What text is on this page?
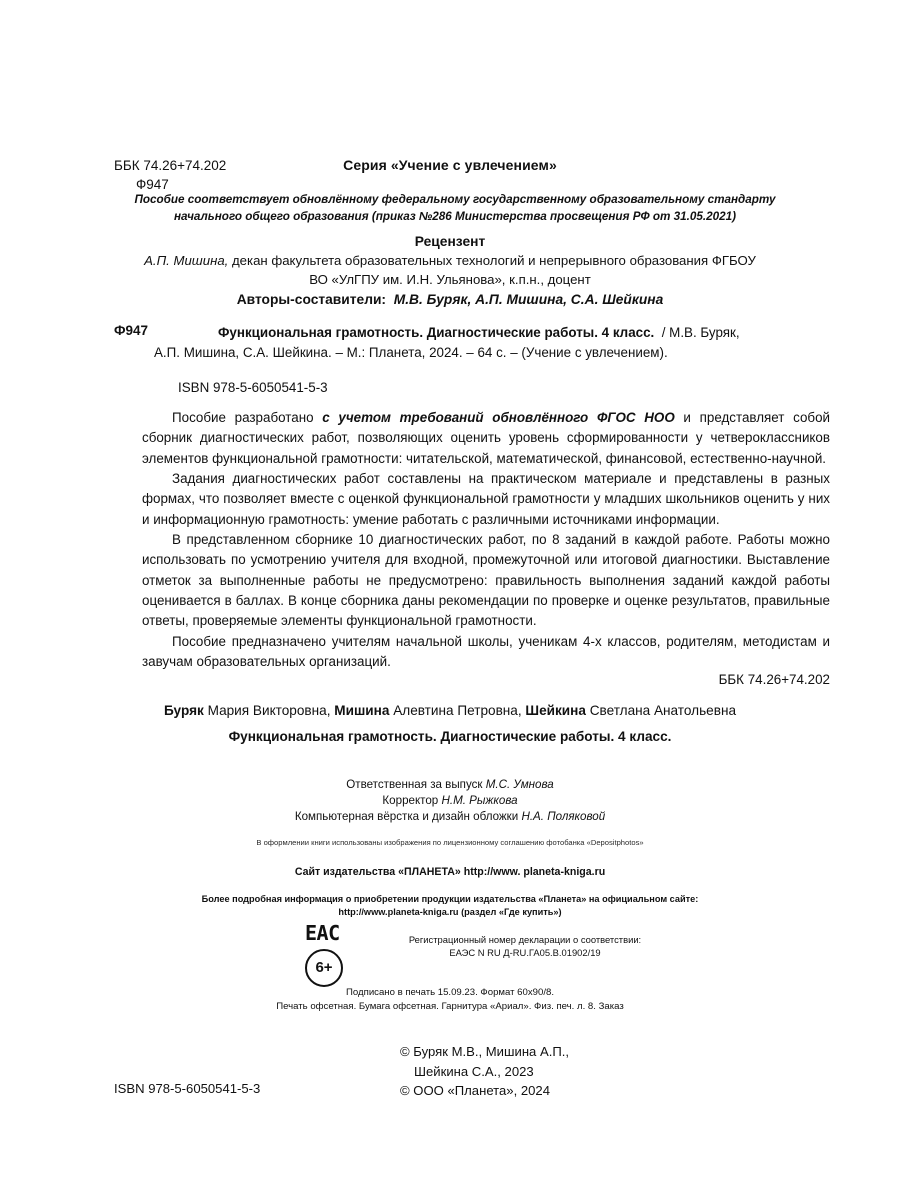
ББК 74.26+74.202
Ф947
Серия «Учение с увлечением»
Пособие соответствует обновлённому федеральному государственному образовательному стандарту начального общего образования (приказ №286 Министерства просвещения РФ от 31.05.2021)
Рецензент
А.П. Мишина, декан факультета образовательных технологий и непрерывного образования ФГБОУ ВО «УлГПУ им. И.Н. Ульянова», к.п.н., доцент
Авторы-составители: М.В. Буряк, А.П. Мишина, С.А. Шейкина
Ф947	Функциональная грамотность. Диагностические работы. 4 класс. / М.В. Буряк,
А.П. Мишина, С.А. Шейкина. – М.: Планета, 2024. – 64 с. – (Учение с увлечением).
ISBN 978-5-6050541-5-3

Пособие разработано с учетом требований обновлённого ФГОС НОО и представляет собой сборник диагностических работ, позволяющих оценить уровень сформированности у четвероклассников элементов функциональной грамотности: читательской, математической, финансовой, естественно-научной.

Задания диагностических работ составлены на практическом материале и представлены в разных формах, что позволяет вместе с оценкой функциональной грамотности у младших школьников оценить у них и информационную грамотность: умение работать с различными источниками информации.

В представленном сборнике 10 диагностических работ, по 8 заданий в каждой работе. Работы можно использовать по усмотрению учителя для входной, промежуточной или итоговой диагностики. Выставление отметок за выполненные работы не предусмотрено: правильность выполнения заданий каждой работы оценивается в баллах. В конце сборника даны рекомендации по проверке и оценке результатов, правильные ответы, проверяемые элементы функциональной грамотности.

Пособие предназначено учителям начальной школы, ученикам 4-х классов, родителям, методистам и завучам образовательных организаций.

ББК 74.26+74.202
Буряк Мария Викторовна, Мишина Алевтина Петровна, Шейкина Светлана Анатольевна
Функциональная грамотность. Диагностические работы. 4 класс.
Ответственная за выпуск М.С. Умнова
Корректор Н.М. Рыжкова
Компьютерная вёрстка и дизайн обложки Н.А. Поляковой
В оформлении книги использованы изображения по лицензионному соглашению фотобанка «Depositphotos»
Сайт издательства «ПЛАНЕТА» http://www. planeta-kniga.ru
Более подробная информация о приобретении продукции издательства «Планета» на официальном сайте:
http://www.planeta-kniga.ru (раздел «Где купить»)
EAC
6+
Регистрационный номер декларации о соответствии:
ЕАЭС N RU Д-RU.ГА05.В.01902/19
Подписано в печать 15.09.23. Формат 60x90/8.
Печать офсетная. Бумага офсетная. Гарнитура «Ариал». Физ. печ. л. 8. Заказ
© Буряк М.В., Мишина А.П.,
Шейкина С.А., 2023
© ООО «Планета», 2024
ISBN 978-5-6050541-5-3
